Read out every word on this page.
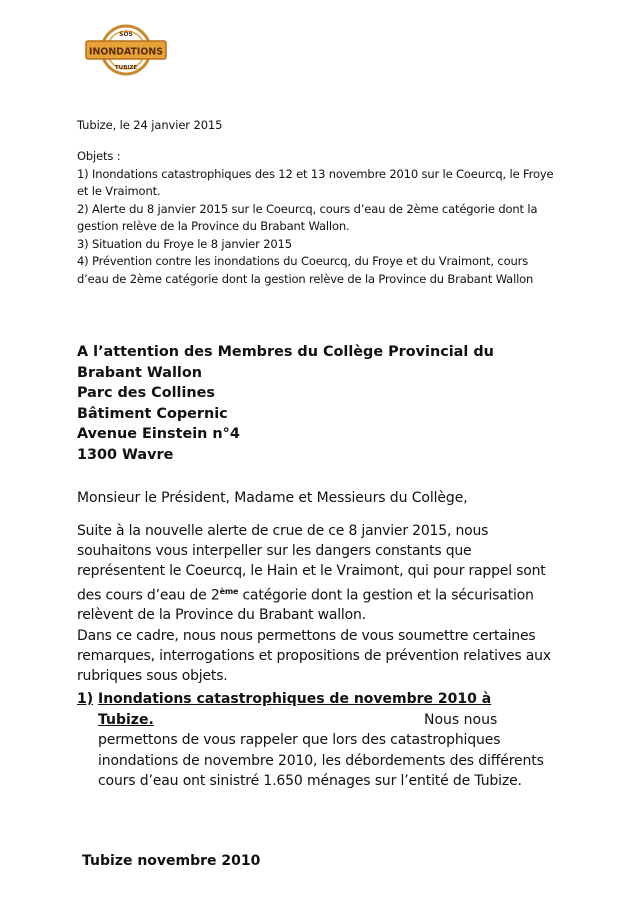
SOS
INONDATIONS
TUBIZE
Tubize, le 24 janvier 2015
Objets :
1) Inondations catastrophiques des 12 et 13 novembre 2010 sur le Coeurcq, le Froye et le Vraimont.
2) Alerte du 8 janvier 2015 sur le Coeurcq, cours d’eau de 2ème catégorie dont la gestion relève de la Province du Brabant Wallon.
3) Situation du Froye le 8 janvier 2015
4) Prévention contre les inondations du Coeurcq, du Froye et du Vraimont, cours d’eau de 2ème catégorie dont la gestion relève de la Province du Brabant Wallon
A l’attention des Membres du Collège Provincial du
Brabant Wallon
Parc des Collines
Bâtiment Copernic
Avenue Einstein n°4
1300 Wavre
Monsieur le Président, Madame et Messieurs du Collège,
Suite à la nouvelle alerte de crue de ce 8 janvier 2015, nous souhaitons vous interpeller sur les dangers constants que représentent le Coeurcq, le Hain et le Vraimont, qui pour rappel sont des cours d’eau de 2ème catégorie dont la gestion et la sécurisation relèvent de la Province du Brabant wallon.
Dans ce cadre, nous nous permettons de vous soumettre certaines remarques, interrogations et propositions de prévention relatives aux rubriques sous objets.
1) Inondations catastrophiques de novembre 2010 à
Tubize.	Nous nous
permettons de vous rappeler que lors des catastrophiques inondations de novembre 2010, les débordements des différents cours d’eau ont sinistré 1.650 ménages sur l’entité de Tubize.
Tubize novembre 2010
